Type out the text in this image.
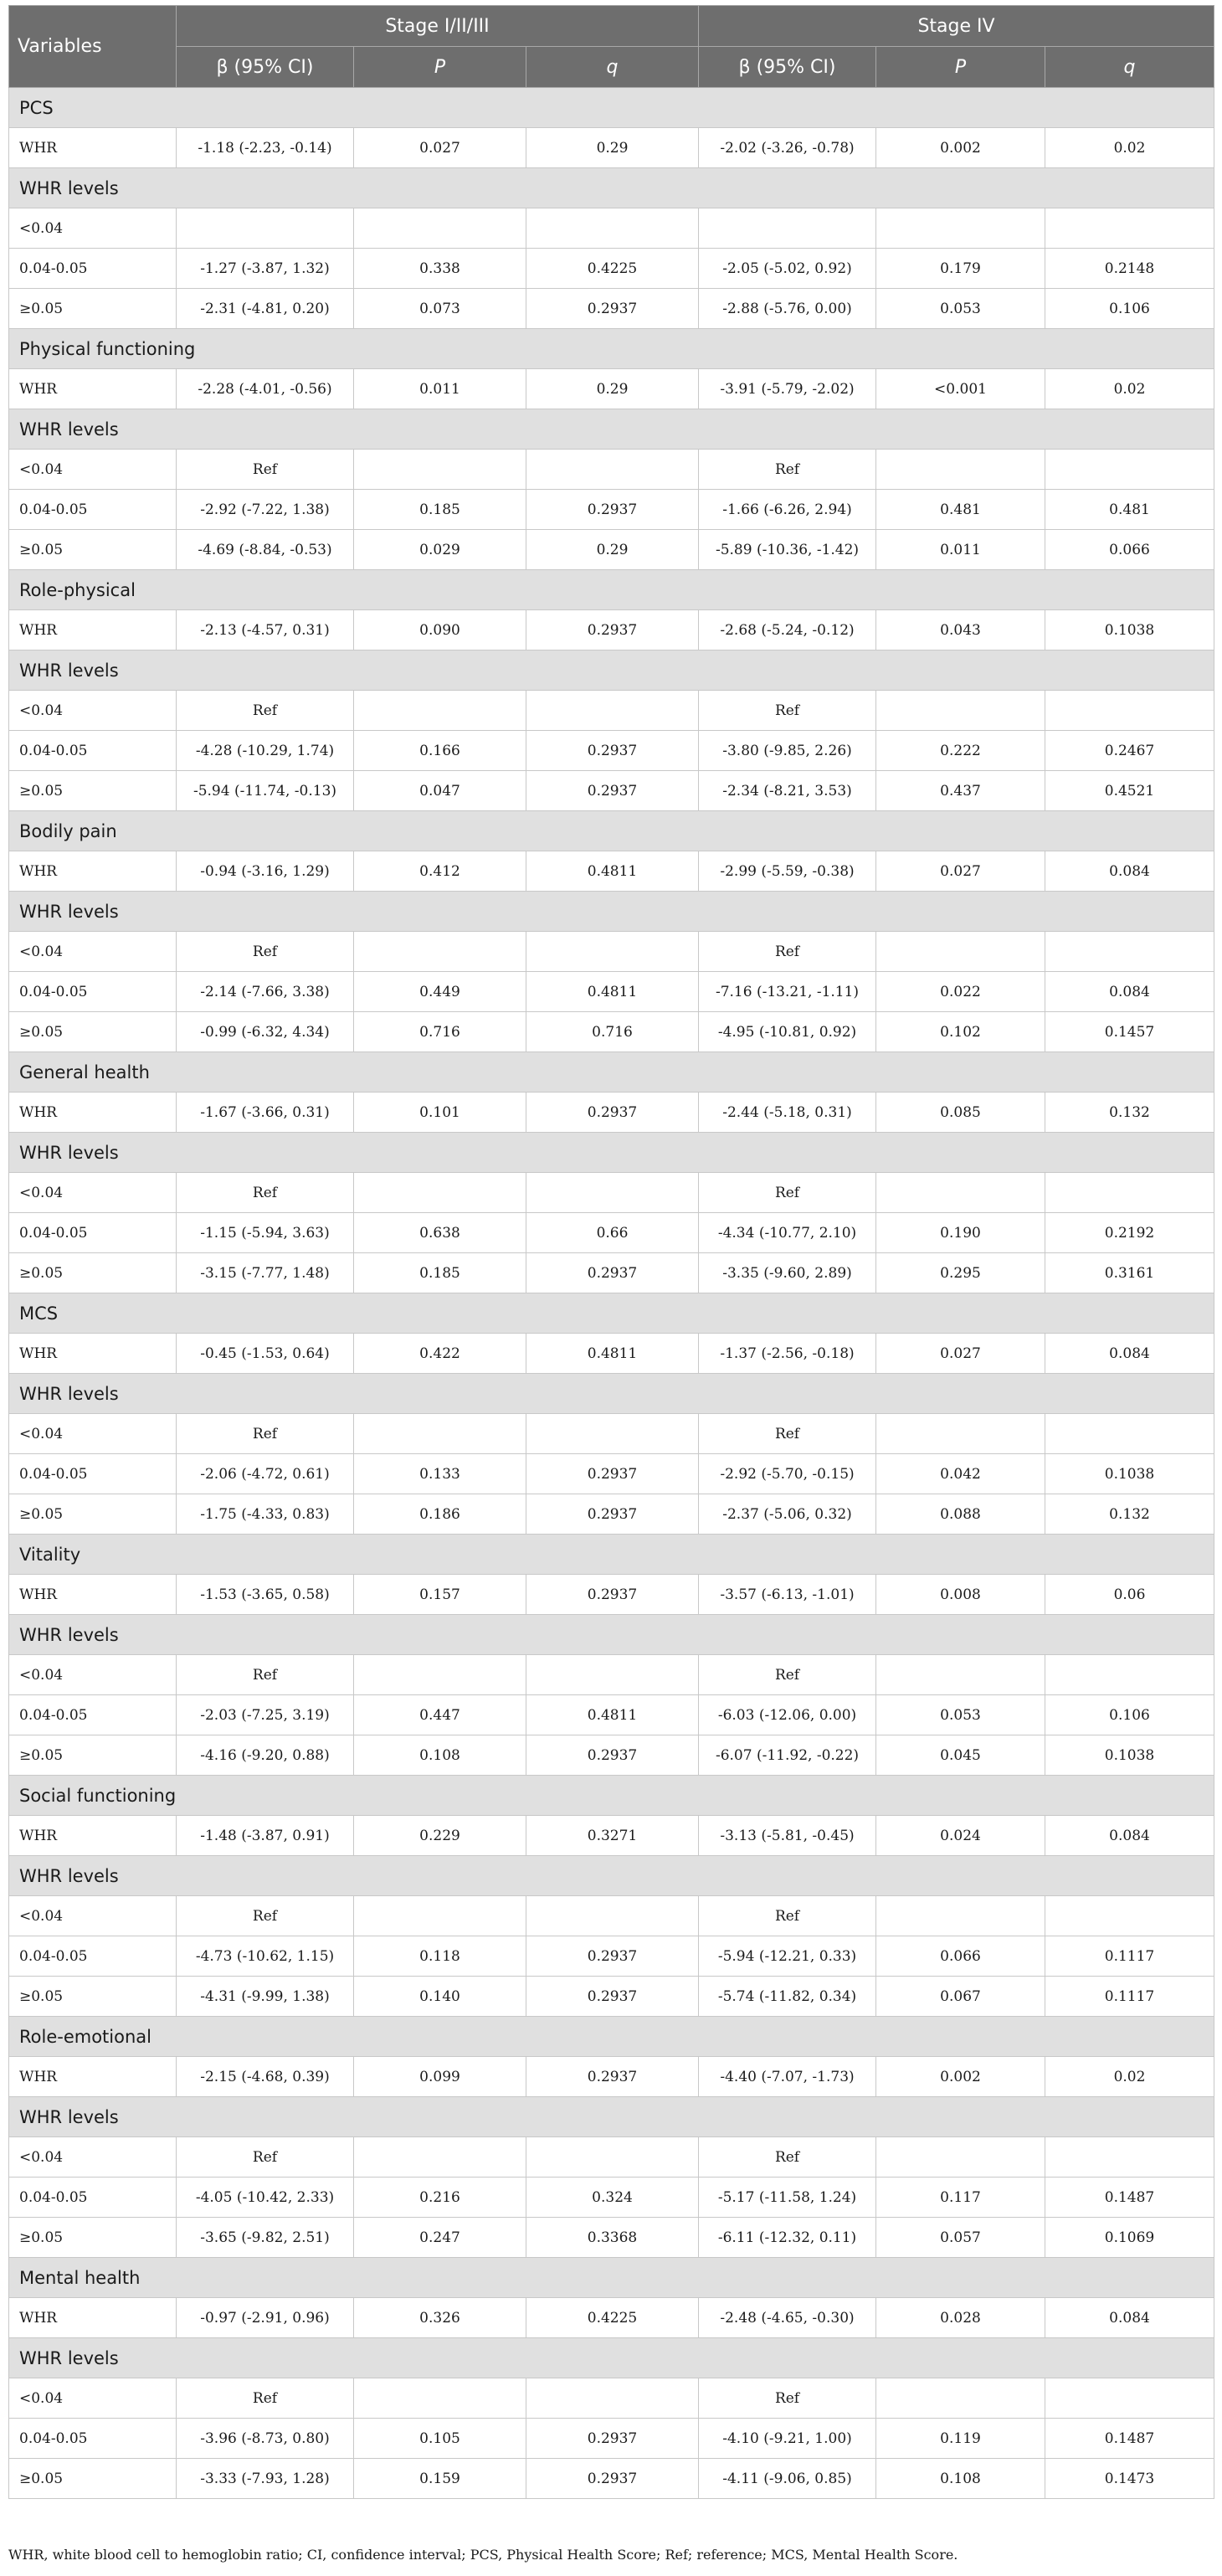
Variables	Stage I/II/III			Stage IV		
	β (95% CI)	P	q	β (95% CI)	P	q
PCS						
WHR	-1.18 (-2.23, -0.14)	0.027	0.29	-2.02 (-3.26, -0.78)	0.002	0.02
WHR levels						
<0.04						
0.04-0.05	-1.27 (-3.87, 1.32)	0.338	0.4225	-2.05 (-5.02, 0.92)	0.179	0.2148
≥0.05	-2.31 (-4.81, 0.20)	0.073	0.2937	-2.88 (-5.76, 0.00)	0.053	0.106
Physical functioning						
WHR	-2.28 (-4.01, -0.56)	0.011	0.29	-3.91 (-5.79, -2.02)	<0.001	0.02
WHR levels						
<0.04	Ref			Ref		
0.04-0.05	-2.92 (-7.22, 1.38)	0.185	0.2937	-1.66 (-6.26, 2.94)	0.481	0.481
≥0.05	-4.69 (-8.84, -0.53)	0.029	0.29	-5.89 (-10.36, -1.42)	0.011	0.066
Role-physical						
WHR	-2.13 (-4.57, 0.31)	0.090	0.2937	-2.68 (-5.24, -0.12)	0.043	0.1038
WHR levels						
<0.04	Ref			Ref		
0.04-0.05	-4.28 (-10.29, 1.74)	0.166	0.2937	-3.80 (-9.85, 2.26)	0.222	0.2467
≥0.05	-5.94 (-11.74, -0.13)	0.047	0.2937	-2.34 (-8.21, 3.53)	0.437	0.4521
Bodily pain						
WHR	-0.94 (-3.16, 1.29)	0.412	0.4811	-2.99 (-5.59, -0.38)	0.027	0.084
WHR levels						
<0.04	Ref			Ref		
0.04-0.05	-2.14 (-7.66, 3.38)	0.449	0.4811	-7.16 (-13.21, -1.11)	0.022	0.084
≥0.05	-0.99 (-6.32, 4.34)	0.716	0.716	-4.95 (-10.81, 0.92)	0.102	0.1457
General health						
WHR	-1.67 (-3.66, 0.31)	0.101	0.2937	-2.44 (-5.18, 0.31)	0.085	0.132
WHR levels						
<0.04	Ref			Ref		
0.04-0.05	-1.15 (-5.94, 3.63)	0.638	0.66	-4.34 (-10.77, 2.10)	0.190	0.2192
≥0.05	-3.15 (-7.77, 1.48)	0.185	0.2937	-3.35 (-9.60, 2.89)	0.295	0.3161
MCS						
WHR	-0.45 (-1.53, 0.64)	0.422	0.4811	-1.37 (-2.56, -0.18)	0.027	0.084
WHR levels						
<0.04	Ref			Ref		
0.04-0.05	-2.06 (-4.72, 0.61)	0.133	0.2937	-2.92 (-5.70, -0.15)	0.042	0.1038
≥0.05	-1.75 (-4.33, 0.83)	0.186	0.2937	-2.37 (-5.06, 0.32)	0.088	0.132
Vitality						
WHR	-1.53 (-3.65, 0.58)	0.157	0.2937	-3.57 (-6.13, -1.01)	0.008	0.06
WHR levels						
<0.04	Ref			Ref		
0.04-0.05	-2.03 (-7.25, 3.19)	0.447	0.4811	-6.03 (-12.06, 0.00)	0.053	0.106
≥0.05	-4.16 (-9.20, 0.88)	0.108	0.2937	-6.07 (-11.92, -0.22)	0.045	0.1038
Social functioning						
WHR	-1.48 (-3.87, 0.91)	0.229	0.3271	-3.13 (-5.81, -0.45)	0.024	0.084
WHR levels						
<0.04	Ref			Ref		
0.04-0.05	-4.73 (-10.62, 1.15)	0.118	0.2937	-5.94 (-12.21, 0.33)	0.066	0.1117
≥0.05	-4.31 (-9.99, 1.38)	0.140	0.2937	-5.74 (-11.82, 0.34)	0.067	0.1117
Role-emotional						
WHR	-2.15 (-4.68, 0.39)	0.099	0.2937	-4.40 (-7.07, -1.73)	0.002	0.02
WHR levels						
<0.04	Ref			Ref		
0.04-0.05	-4.05 (-10.42, 2.33)	0.216	0.324	-5.17 (-11.58, 1.24)	0.117	0.1487
≥0.05	-3.65 (-9.82, 2.51)	0.247	0.3368	-6.11 (-12.32, 0.11)	0.057	0.1069
Mental health						
WHR	-0.97 (-2.91, 0.96)	0.326	0.4225	-2.48 (-4.65, -0.30)	0.028	0.084
WHR levels						
<0.04	Ref			Ref		
0.04-0.05	-3.96 (-8.73, 0.80)	0.105	0.2937	-4.10 (-9.21, 1.00)	0.119	0.1487
≥0.05	-3.33 (-7.93, 1.28)	0.159	0.2937	-4.11 (-9.06, 0.85)	0.108	0.1473
WHR, white blood cell to hemoglobin ratio; CI, confidence interval; PCS, Physical Health Score; Ref; reference; MCS, Mental Health Score.
